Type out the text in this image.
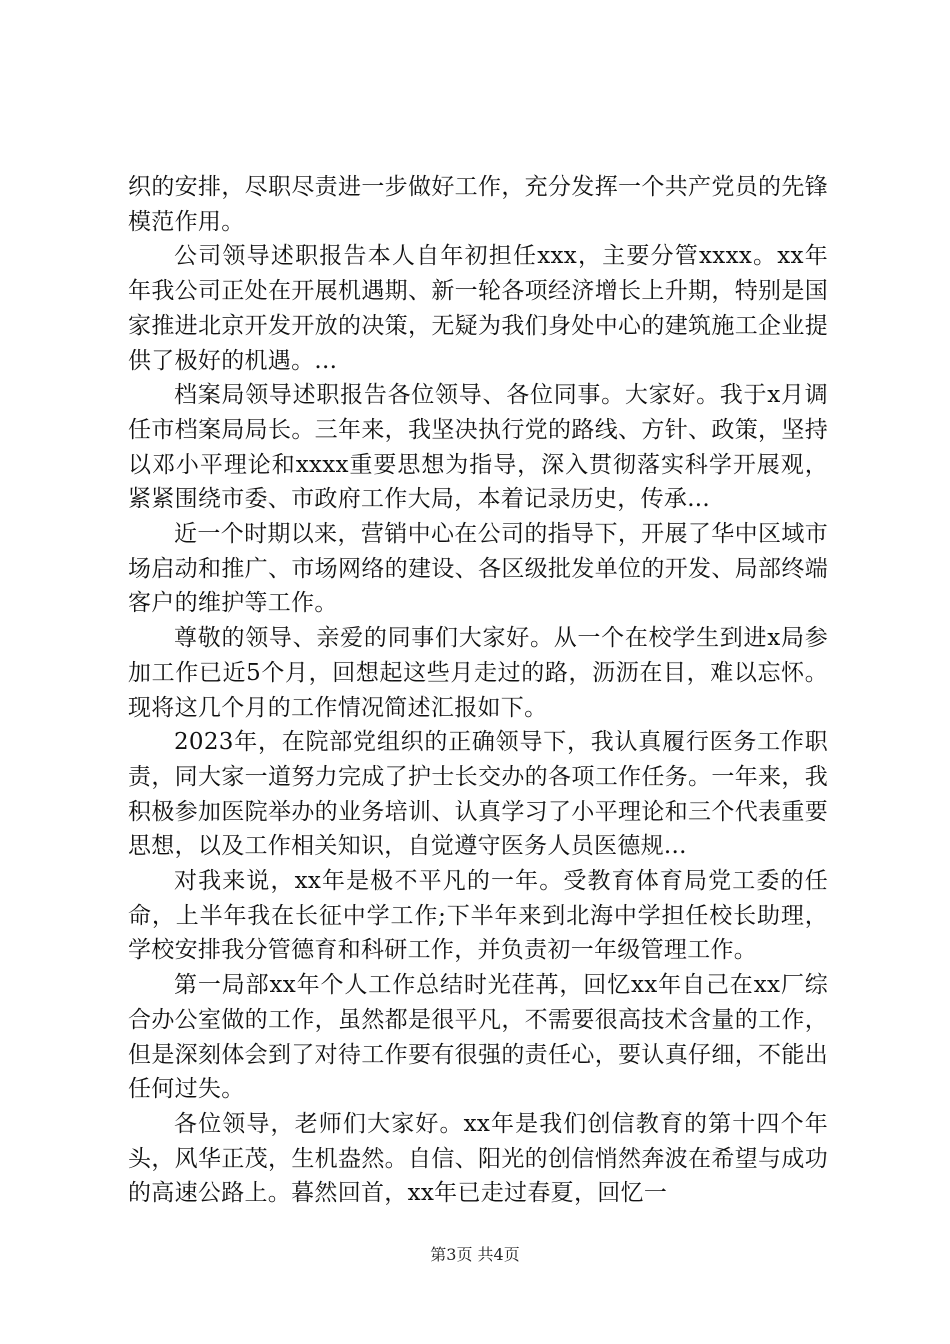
织的安排，尽职尽责进一步做好工作，充分发挥一个共产党员的先锋模范作用。

公司领导述职报告本人自年初担任xxx，主要分管xxxx。xx年年我公司正处在开展机遇期、新一轮各项经济增长上升期，特别是国家推进北京开发开放的决策，无疑为我们身处中心的建筑施工企业提供了极好的机遇。...

档案局领导述职报告各位领导、各位同事。大家好。我于x月调任市档案局局长。三年来，我坚决执行党的路线、方针、政策，坚持以邓小平理论和xxxx重要思想为指导，深入贯彻落实科学开展观，紧紧围绕市委、市政府工作大局，本着记录历史，传承...

近一个时期以来，营销中心在公司的指导下，开展了华中区域市场启动和推广、市场网络的建设、各区级批发单位的开发、局部终端客户的维护等工作。

尊敬的领导、亲爱的同事们大家好。从一个在校学生到进x局参加工作已近5个月，回想起这些月走过的路，沥沥在目，难以忘怀。现将这几个月的工作情况简述汇报如下。

2023年，在院部党组织的正确领导下，我认真履行医务工作职责，同大家一道努力完成了护士长交办的各项工作任务。一年来，我积极参加医院举办的业务培训、认真学习了小平理论和三个代表重要思想，以及工作相关知识，自觉遵守医务人员医德规...

对我来说，xx年是极不平凡的一年。受教育体育局党工委的任命，上半年我在长征中学工作;下半年来到北海中学担任校长助理，学校安排我分管德育和科研工作，并负责初一年级管理工作。

第一局部xx年个人工作总结时光荏苒，回忆xx年自己在xx厂综合办公室做的工作，虽然都是很平凡，不需要很高技术含量的工作，但是深刻体会到了对待工作要有很强的责任心，要认真仔细，不能出任何过失。

各位领导，老师们大家好。xx年是我们创信教育的第十四个年头，风华正茂，生机盎然。自信、阳光的创信悄然奔波在希望与成功的高速公路上。暮然回首，xx年已走过春夏，回忆一

第3页 共4页
